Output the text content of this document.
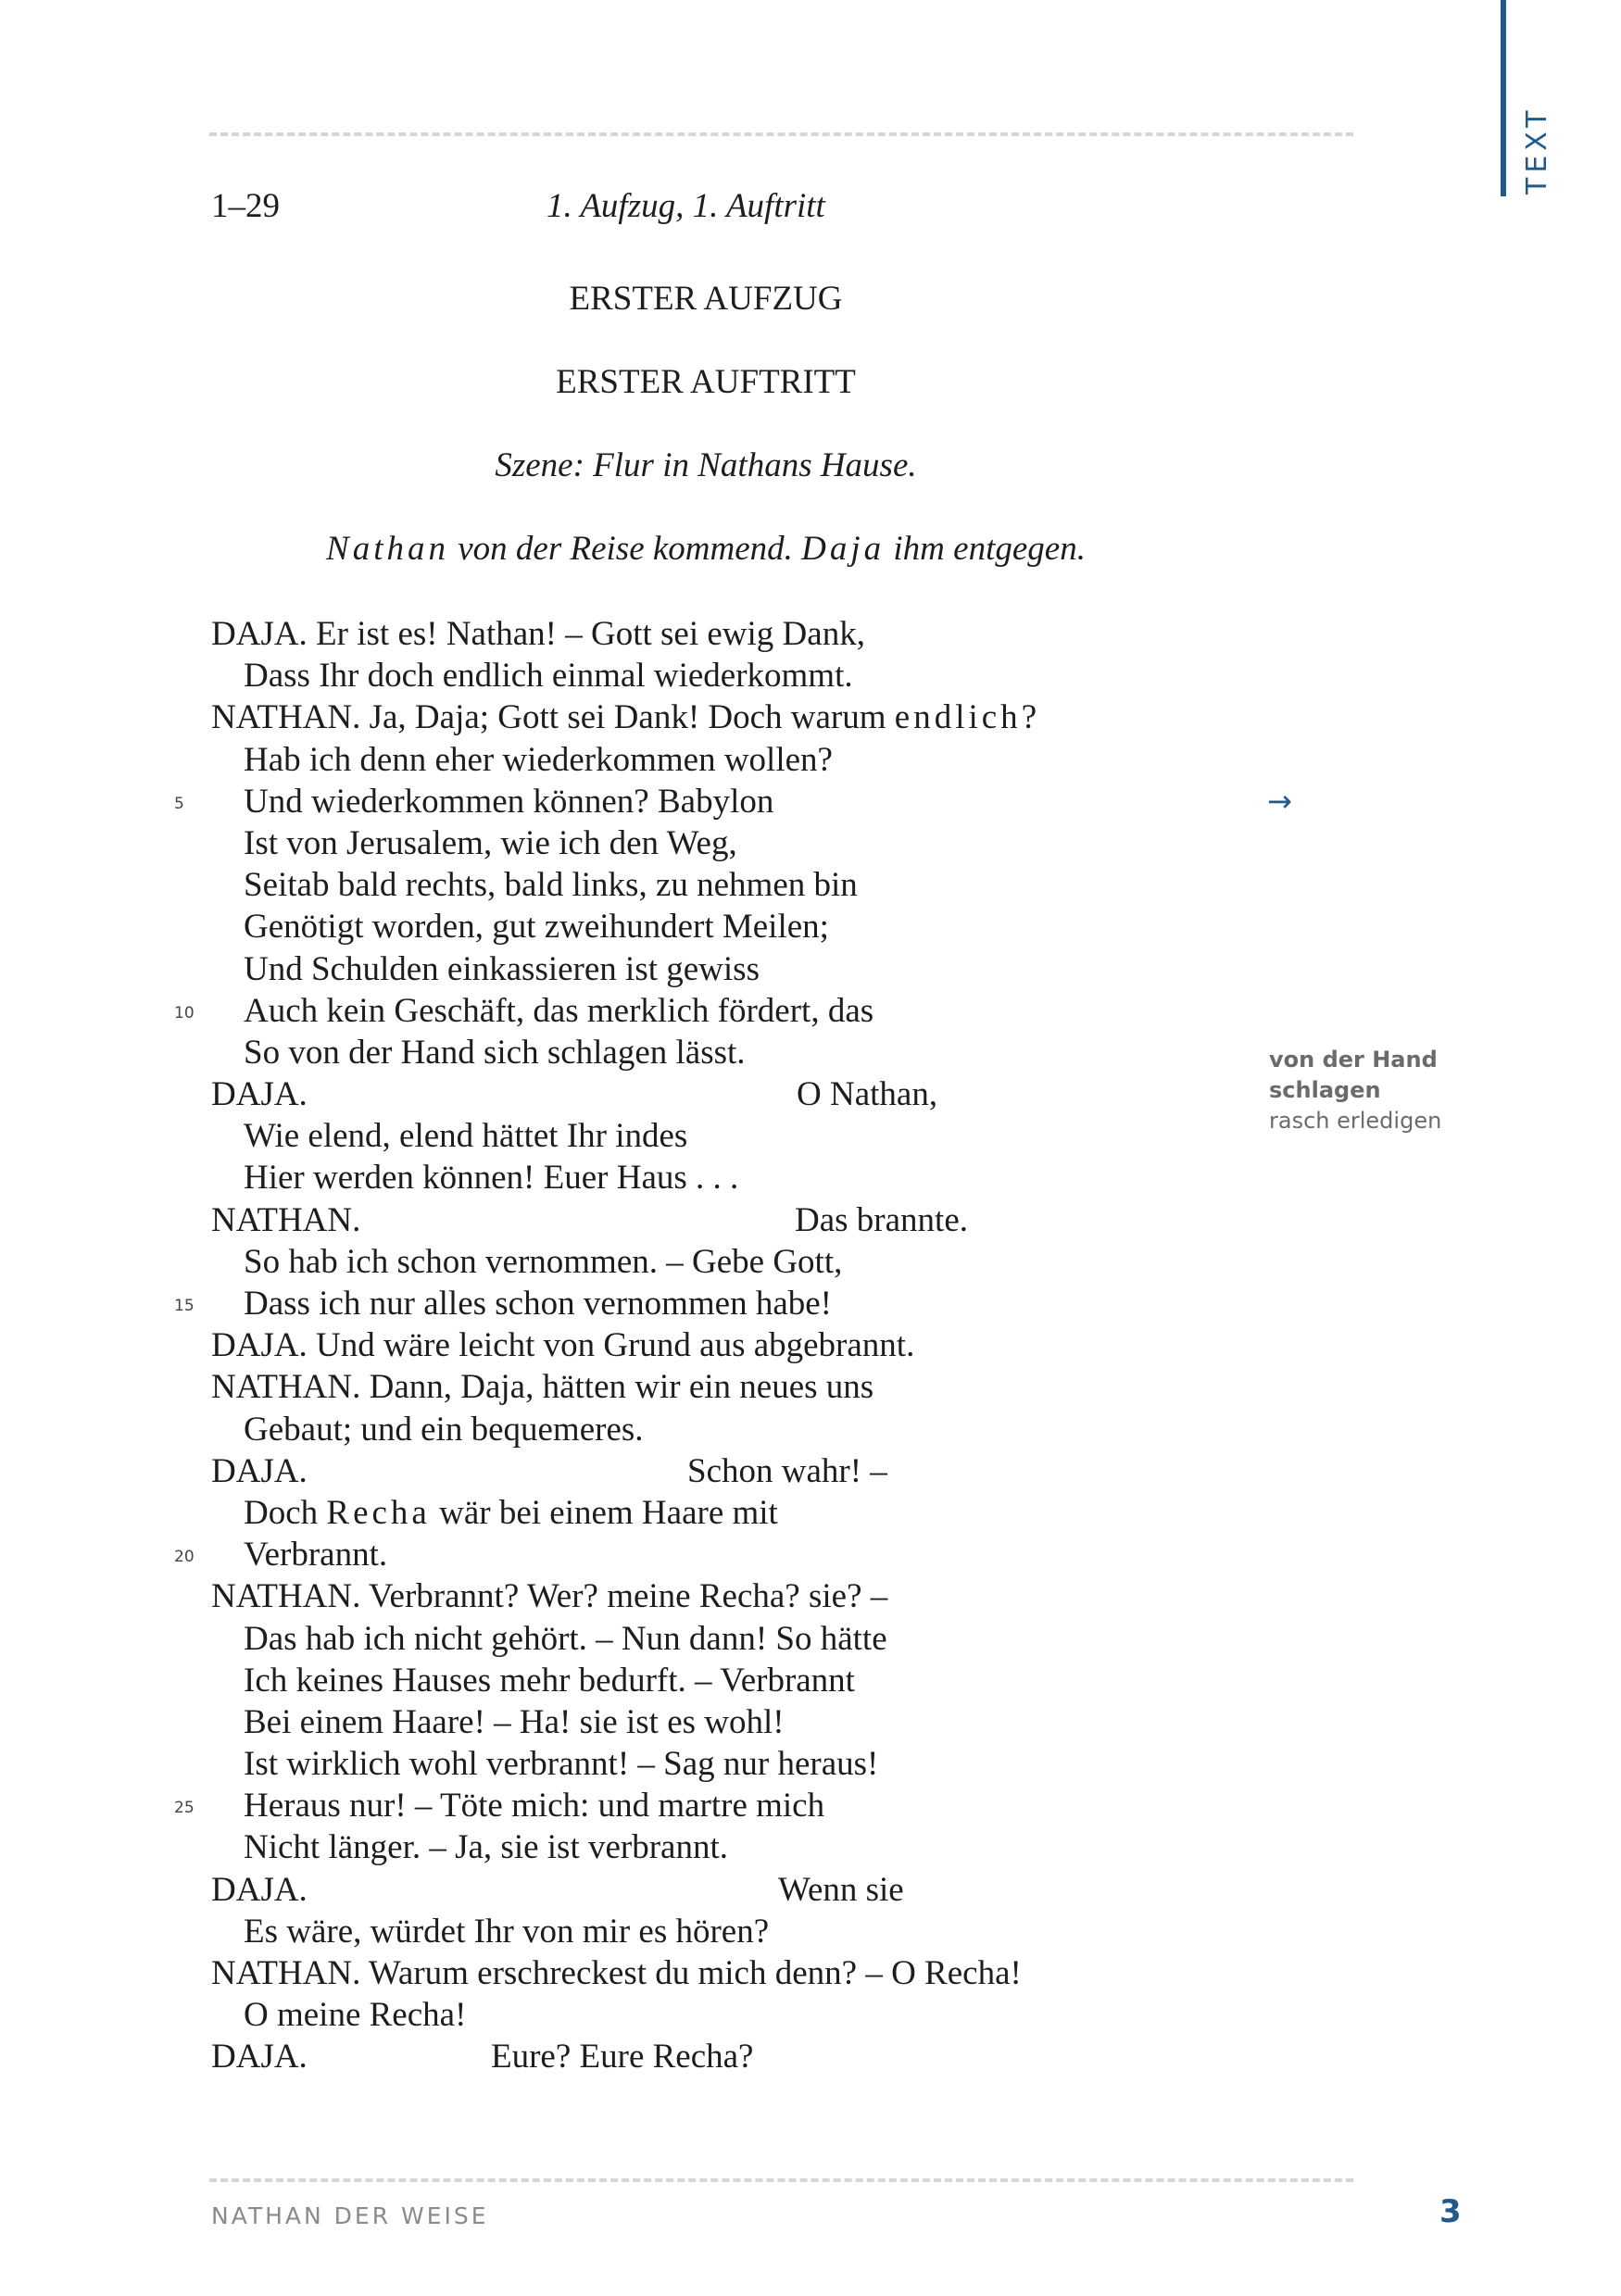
TEXT
1–29	1. Aufzug, 1. Auftritt
ERSTER AUFZUG
ERSTER AUFTRITT
Szene: Flur in Nathans Hause.
Nathan von der Reise kommend. Daja ihm entgegen.
DAJA. Er ist es! Nathan! – Gott sei ewig Dank,
Dass Ihr doch endlich einmal wiederkommt.
NATHAN. Ja, Daja; Gott sei Dank! Doch warum endlich?
Hab ich denn eher wiederkommen wollen?
5 Und wiederkommen können? Babylon
Ist von Jerusalem, wie ich den Weg,
Seitab bald rechts, bald links, zu nehmen bin
Genötigt worden, gut zweihundert Meilen;
Und Schulden einkassieren ist gewiss
10 Auch kein Geschäft, das merklich fördert, das
So von der Hand sich schlagen lässt.
DAJA.	O Nathan,
Wie elend, elend hättet Ihr indes
Hier werden können! Euer Haus . . .
NATHAN.	Das brannte.
So hab ich schon vernommen. – Gebe Gott,
15 Dass ich nur alles schon vernommen habe!
DAJA. Und wäre leicht von Grund aus abgebrannt.
NATHAN. Dann, Daja, hätten wir ein neues uns
Gebaut; und ein bequemeres.
DAJA.	Schon wahr! –
Doch Recha wär bei einem Haare mit
20 Verbrannt.
NATHAN. Verbrannt? Wer? meine Recha? sie? –
Das hab ich nicht gehört. – Nun dann! So hätte
Ich keines Hauses mehr bedurft. – Verbrannt
Bei einem Haare! – Ha! sie ist es wohl!
Ist wirklich wohl verbrannt! – Sag nur heraus!
25 Heraus nur! – Töte mich: und martre mich
Nicht länger. – Ja, sie ist verbrannt.
DAJA.	Wenn sie
Es wäre, würdet Ihr von mir es hören?
NATHAN. Warum erschreckest du mich denn? – O Recha!
O meine Recha!
DAJA.	Eure? Eure Recha?
→
von der Hand
schlagen
rasch erledigen
NATHAN DER WEISE	3
